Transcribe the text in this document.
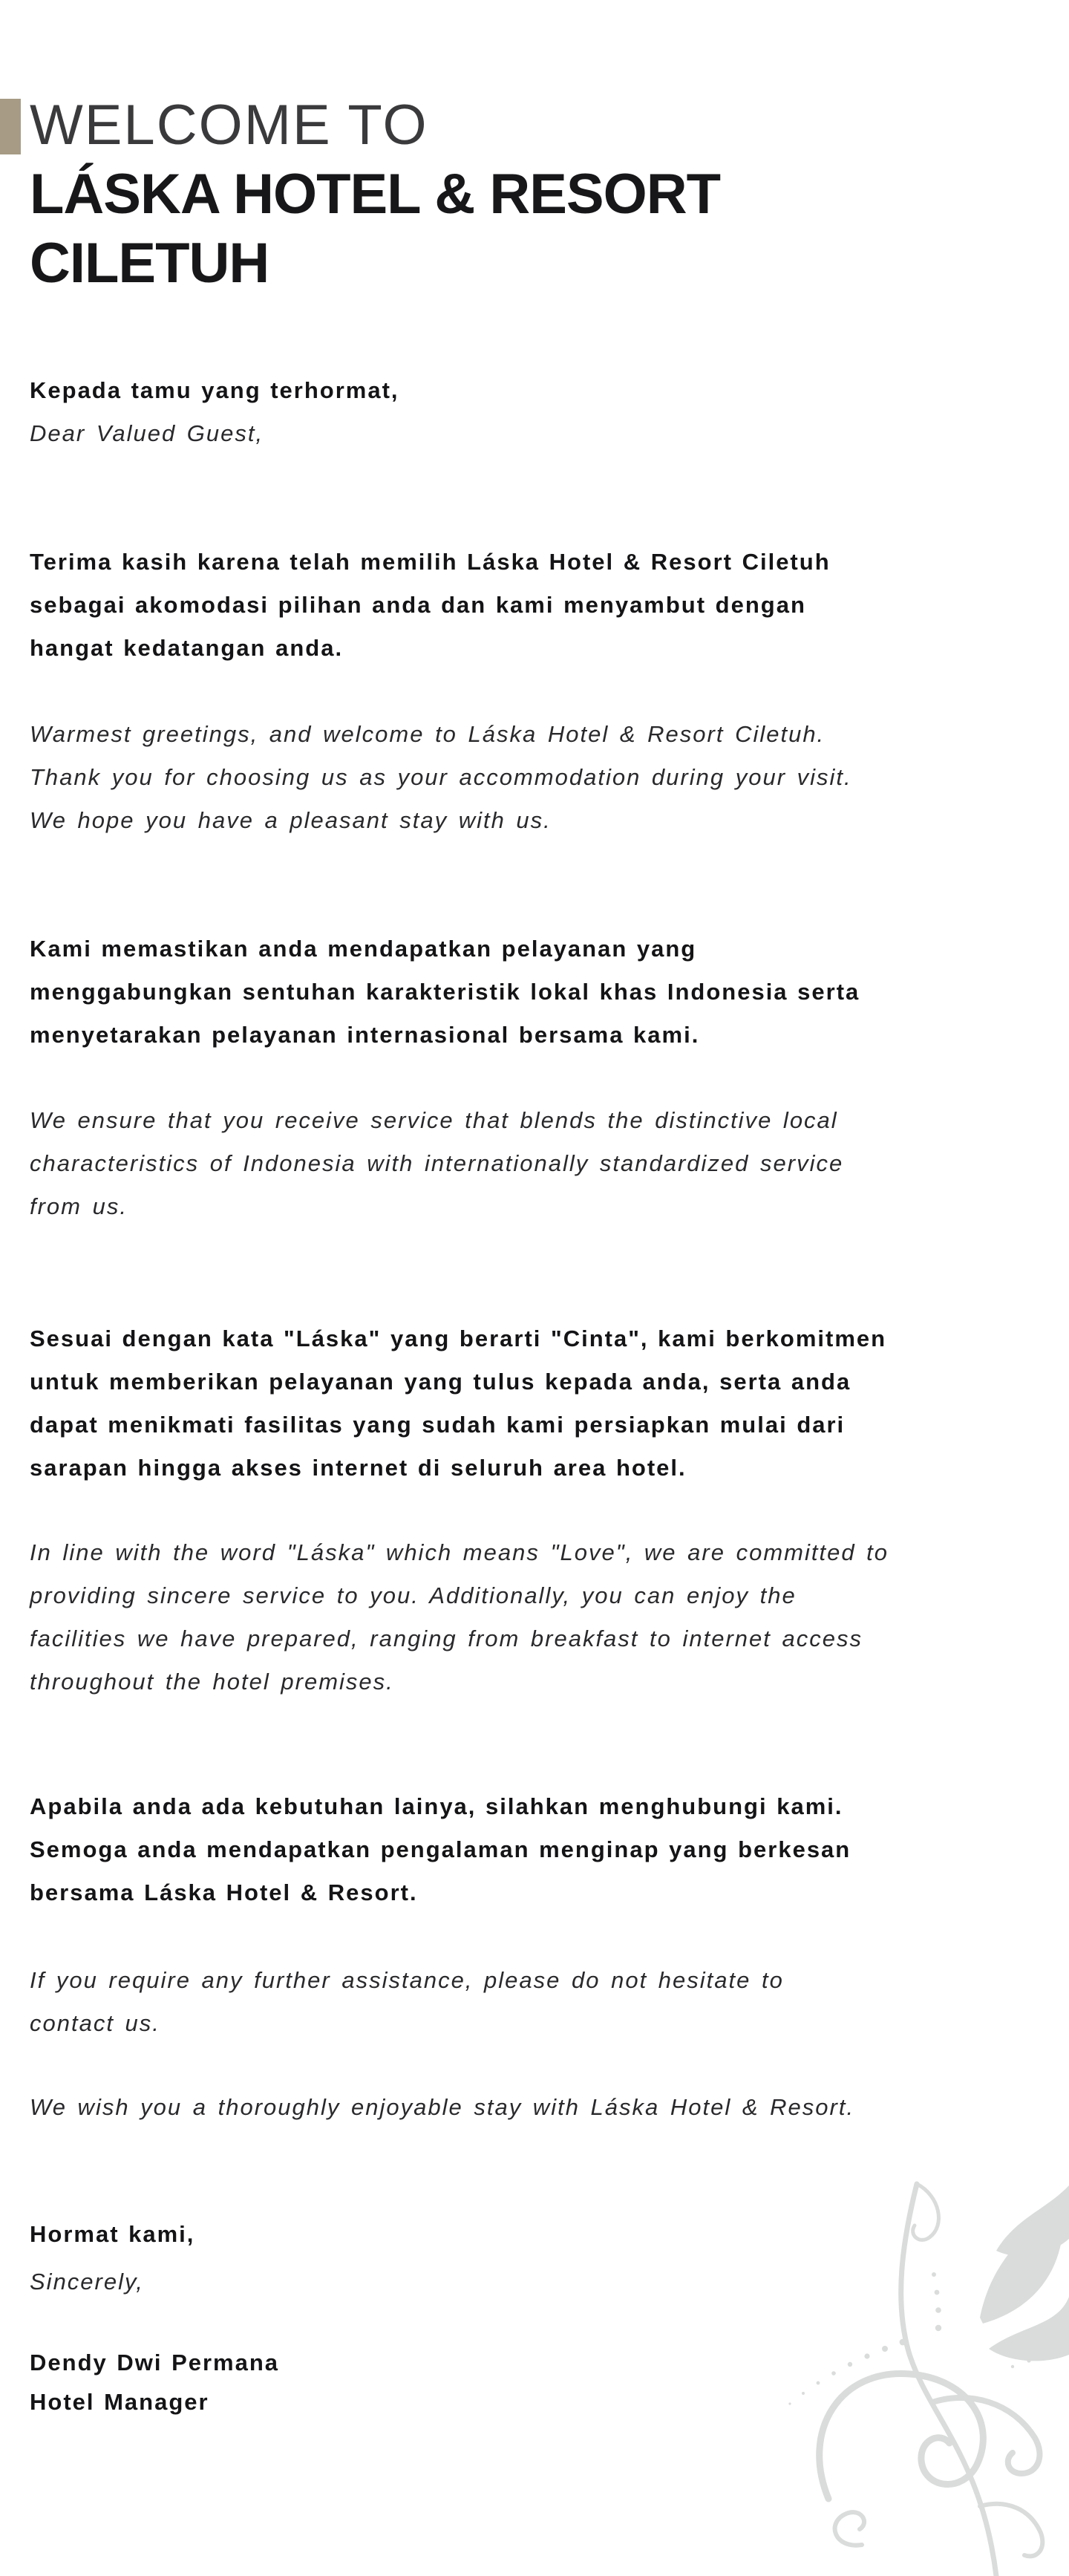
WELCOME TO
LÁSKA HOTEL & RESORT
CILETUH
Kepada tamu yang terhormat,
Dear Valued Guest,
Terima kasih karena telah memilih Láska Hotel & Resort Ciletuh
sebagai akomodasi pilihan anda dan kami menyambut dengan
hangat kedatangan anda.
Warmest greetings, and welcome to Láska Hotel & Resort Ciletuh.
Thank you for choosing us as your accommodation during your visit.
We hope you have a pleasant stay with us.
Kami memastikan anda mendapatkan pelayanan yang
menggabungkan sentuhan karakteristik lokal khas Indonesia serta
menyetarakan pelayanan internasional bersama kami.
We ensure that you receive service that blends the distinctive local
characteristics of Indonesia with internationally standardized service
from us.
Sesuai dengan kata "Láska" yang berarti "Cinta", kami berkomitmen
untuk memberikan pelayanan yang tulus kepada anda, serta anda
dapat menikmati fasilitas yang sudah kami persiapkan mulai dari
sarapan hingga akses internet di seluruh area hotel.
In line with the word "Láska" which means "Love", we are committed to
providing sincere service to you. Additionally, you can enjoy the
facilities we have prepared, ranging from breakfast to internet access
throughout the hotel premises.
Apabila anda ada kebutuhan lainya, silahkan menghubungi kami.
Semoga anda mendapatkan pengalaman menginap yang berkesan
bersama Láska Hotel & Resort.
If you require any further assistance, please do not hesitate to
contact us.
We wish you a thoroughly enjoyable stay with Láska Hotel & Resort.
Hormat kami,
Sincerely,
Dendy Dwi Permana
Hotel Manager
